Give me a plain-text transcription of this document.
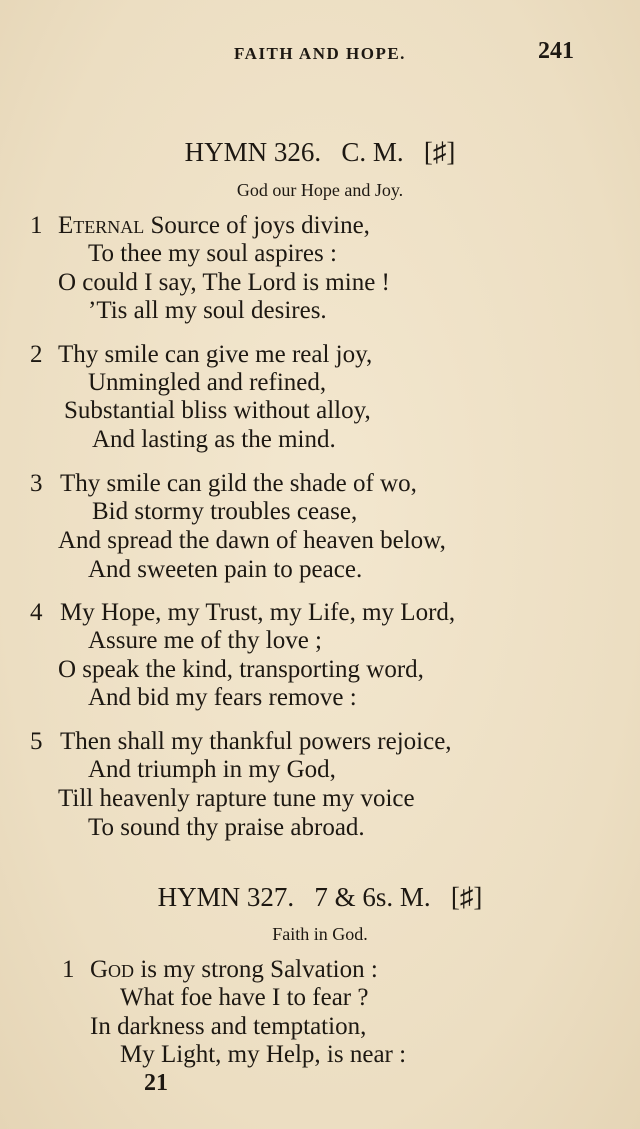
FAITH AND HOPE.	241
HYMN 326.   C. M.   [♯]
God our Hope and Joy.
1 Eternal Source of joys divine,
To thee my soul aspires :
O could I say, The Lord is mine !
’Tis all my soul desires.
2 Thy smile can give me real joy,
Unmingled and refined,
Substantial bliss without alloy,
And lasting as the mind.
3 Thy smile can gild the shade of wo,
Bid stormy troubles cease,
And spread the dawn of heaven below,
And sweeten pain to peace.
4 My Hope, my Trust, my Life, my Lord,
Assure me of thy love ;
O speak the kind, transporting word,
And bid my fears remove :
5 Then shall my thankful powers rejoice,
And triumph in my God,
Till heavenly rapture tune my voice
To sound thy praise abroad.
HYMN 327.   7 & 6s. M.   [♯]
Faith in God.
1 God is my strong Salvation :
What foe have I to fear ?
In darkness and temptation,
My Light, my Help, is near :
21
